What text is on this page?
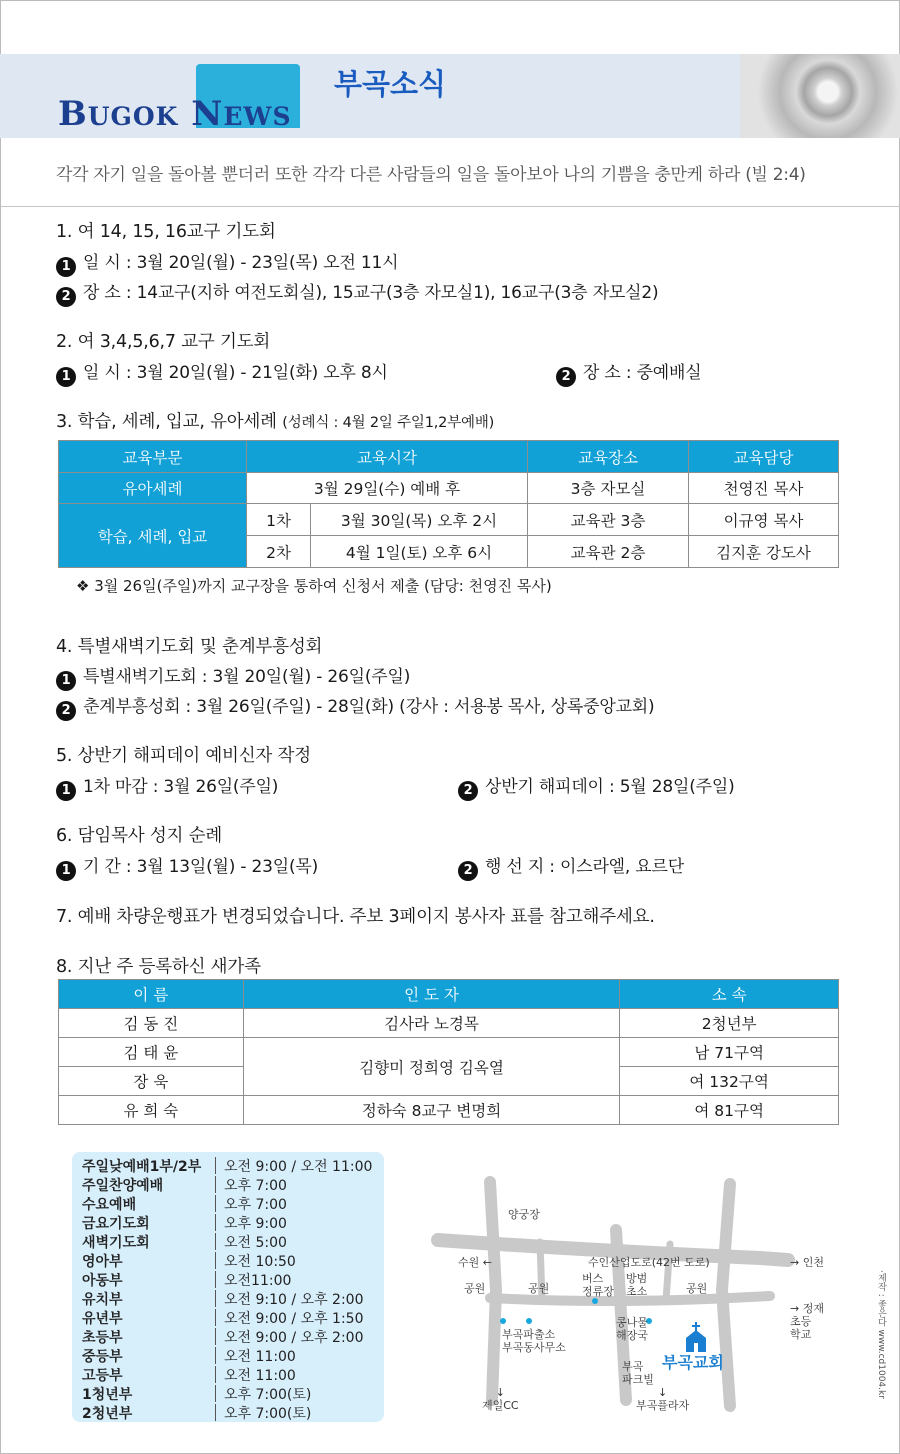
BUGOK NEWS
부곡소식
각각 자기 일을 돌아볼 뿐더러 또한 각각 다른 사람들의 일을 돌아보아 나의 기쁨을 충만케 하라 (빌 2:4)
1. 여 14, 15, 16교구 기도회
1 일 시 : 3월 20일(월) - 23일(목) 오전 11시
2 장 소 : 14교구(지하 여전도회실), 15교구(3층 자모실1), 16교구(3층 자모실2)
2. 여 3,4,5,6,7 교구 기도회
1 일 시 : 3월 20일(월) - 21일(화) 오후 8시	2 장 소 : 중예배실
3. 학습, 세례, 입교, 유아세례 (성례식 : 4월 2일 주일1,2부예배)
교육부문	교육시각		교육장소	교육담당
유아세례	3월 29일(수) 예배 후		3층 자모실	천영진 목사
학습, 세례, 입교	1차	3월 30일(목) 오후 2시	교육관 3층	이규영 목사
	2차	4월 1일(토) 오후 6시	교육관 2층	김지훈 강도사
❖ 3월 26일(주일)까지 교구장을 통하여 신청서 제출 (담당: 천영진 목사)
4. 특별새벽기도회 및 춘계부흥성회
1 특별새벽기도회 : 3월 20일(월) - 26일(주일)
2 춘계부흥성회 : 3월 26일(주일) - 28일(화) (강사 : 서용봉 목사, 상록중앙교회)
5. 상반기 해피데이 예비신자 작정
1 1차 마감 : 3월 26일(주일)	2 상반기 해피데이 : 5월 28일(주일)
6. 담임목사 성지 순례
1 기 간 : 3월 13일(월) - 23일(목)	2 행 선 지 : 이스라엘, 요르단
7. 예배 차량운행표가 변경되었습니다. 주보 3페이지 봉사자 표를 참고해주세요.
8. 지난 주 등록하신 새가족
이 름	인 도 자	소 속
김 동 진	김사라 노경목	2청년부
김 태 윤	김향미 정희영 김옥열	남 71구역
장 욱		여 132구역
유 희 숙	정하숙 8교구 변명희	여 81구역
주일낮예배1부/2부 오전 9:00 / 오전 11:00
주일찬양예배	오후 7:00
수요예배	오후 7:00
금요기도회	오후 9:00
새벽기도회	오전 5:00
영아부	오전 10:50
아동부	오전11:00
유치부	오전 9:10 / 오후 2:00
유년부	오전 9:00 / 오후 1:50
초등부	오전 9:00 / 오후 2:00
중등부	오전 11:00
고등부	오전 11:00
1청년부	오후 7:00(토)
2청년부	오후 7:00(토)
양궁장
수원 ←	수인산업도로(42번 도로)	→ 인천
공원	공원	공원
버스
정류장
방범
초소
→ 정재
초등
학교
부곡파출소
부곡동사무소
콩나물
해장국
부곡
파크빌
부곡교회
↓
제일CC
↓
부곡플라자
·제작 : 좋은다 www.cd1004.kr
